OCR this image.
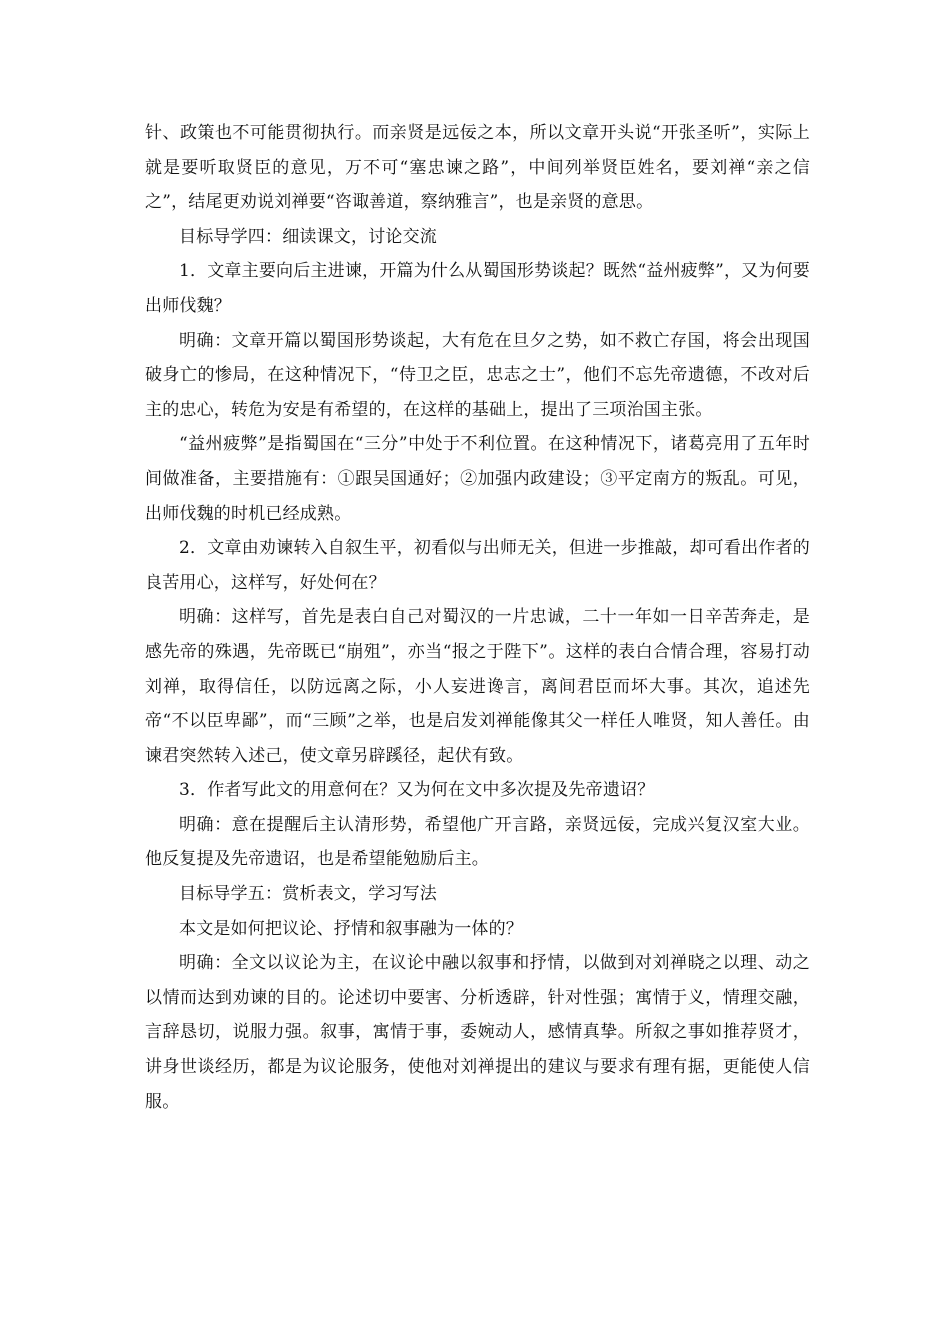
针、政策也不可能贯彻执行。而亲贤是远佞之本，所以文章开头说“开张圣听”，实际上就是要听取贤臣的意见，万不可“塞忠谏之路”，中间列举贤臣姓名，要刘禅“亲之信之”，结尾更劝说刘禅要“咨诹善道，察纳雅言”，也是亲贤的意思。

目标导学四：细读课文，讨论交流

1．文章主要向后主进谏，开篇为什么从蜀国形势谈起？既然“益州疲弊”，又为何要出师伐魏？

明确：文章开篇以蜀国形势谈起，大有危在旦夕之势，如不救亡存国，将会出现国破身亡的惨局，在这种情况下，“侍卫之臣，忠志之士”，他们不忘先帝遗德，不改对后主的忠心，转危为安是有希望的，在这样的基础上，提出了三项治国主张。

“益州疲弊”是指蜀国在“三分”中处于不利位置。在这种情况下，诸葛亮用了五年时间做准备，主要措施有：①跟吴国通好；②加强内政建设；③平定南方的叛乱。可见，出师伐魏的时机已经成熟。

2．文章由劝谏转入自叙生平，初看似与出师无关，但进一步推敲，却可看出作者的良苦用心，这样写，好处何在？

明确：这样写，首先是表白自己对蜀汉的一片忠诚，二十一年如一日辛苦奔走，是感先帝的殊遇，先帝既已“崩殂”，亦当“报之于陛下”。这样的表白合情合理，容易打动刘禅，取得信任，以防远离之际，小人妄进谗言，离间君臣而坏大事。其次，追述先帝“不以臣卑鄙”，而“三顾”之举，也是启发刘禅能像其父一样任人唯贤，知人善任。由谏君突然转入述己，使文章另辟蹊径，起伏有致。

3．作者写此文的用意何在？又为何在文中多次提及先帝遗诏？

明确：意在提醒后主认清形势，希望他广开言路，亲贤远佞，完成兴复汉室大业。他反复提及先帝遗诏，也是希望能勉励后主。

目标导学五：赏析表文，学习写法

本文是如何把议论、抒情和叙事融为一体的？

明确：全文以议论为主，在议论中融以叙事和抒情，以做到对刘禅晓之以理、动之以情而达到劝谏的目的。论述切中要害、分析透辟，针对性强；寓情于义，情理交融，言辞恳切，说服力强。叙事，寓情于事，委婉动人，感情真挚。所叙之事如推荐贤才，讲身世谈经历，都是为议论服务，使他对刘禅提出的建议与要求有理有据，更能使人信服。
